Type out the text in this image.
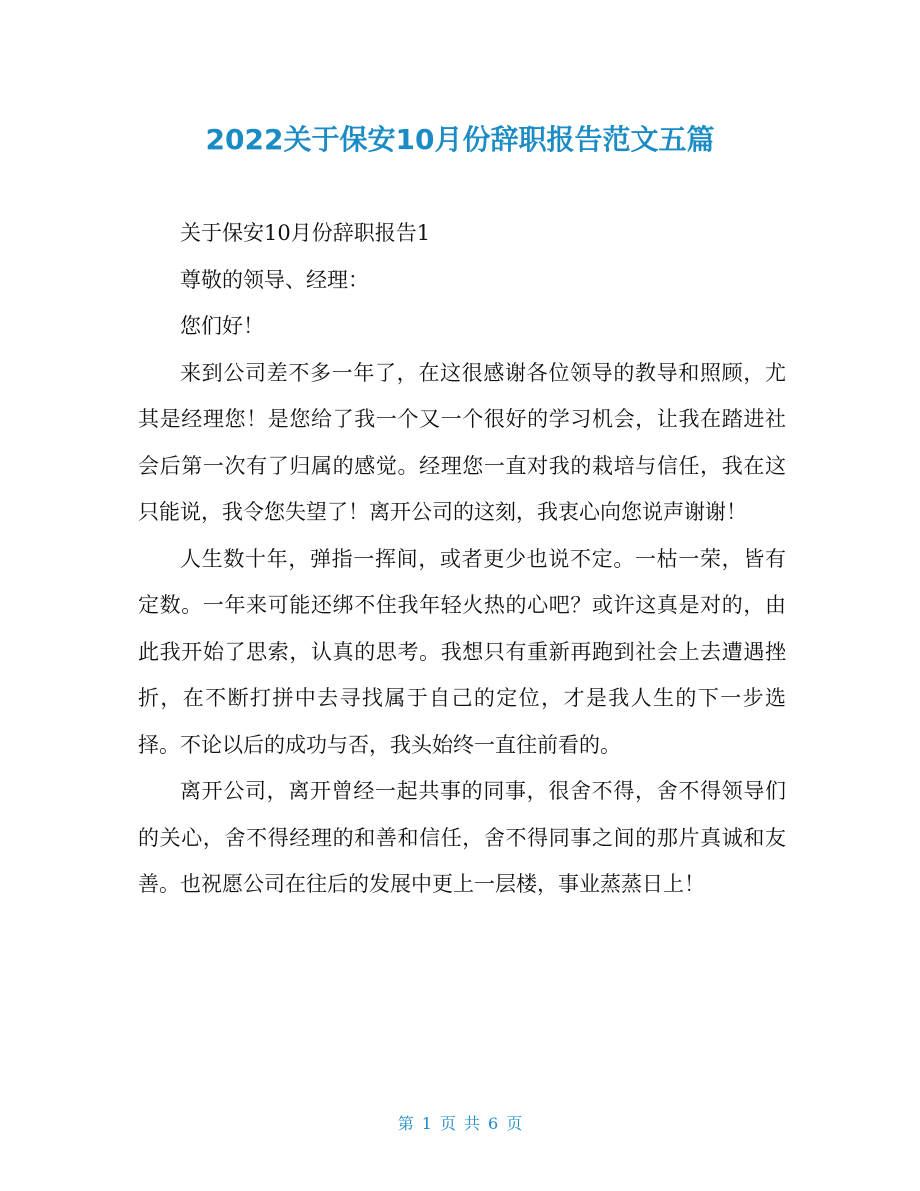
2022关于保安10月份辞职报告范文五篇

关于保安10月份辞职报告1

尊敬的领导、经理：

您们好！

来到公司差不多一年了，在这很感谢各位领导的教导和照顾，尤其是经理您！是您给了我一个又一个很好的学习机会，让我在踏进社会后第一次有了归属的感觉。经理您一直对我的栽培与信任，我在这只能说，我令您失望了！离开公司的这刻，我衷心向您说声谢谢！

人生数十年，弹指一挥间，或者更少也说不定。一枯一荣，皆有定数。一年来可能还绑不住我年轻火热的心吧？或许这真是对的，由此我开始了思索，认真的思考。我想只有重新再跑到社会上去遭遇挫折，在不断打拼中去寻找属于自己的定位，才是我人生的下一步选择。不论以后的成功与否，我头始终一直往前看的。

离开公司，离开曾经一起共事的同事，很舍不得，舍不得领导们的关心，舍不得经理的和善和信任，舍不得同事之间的那片真诚和友善。也祝愿公司在往后的发展中更上一层楼，事业蒸蒸日上！

第 1 页 共 6 页
